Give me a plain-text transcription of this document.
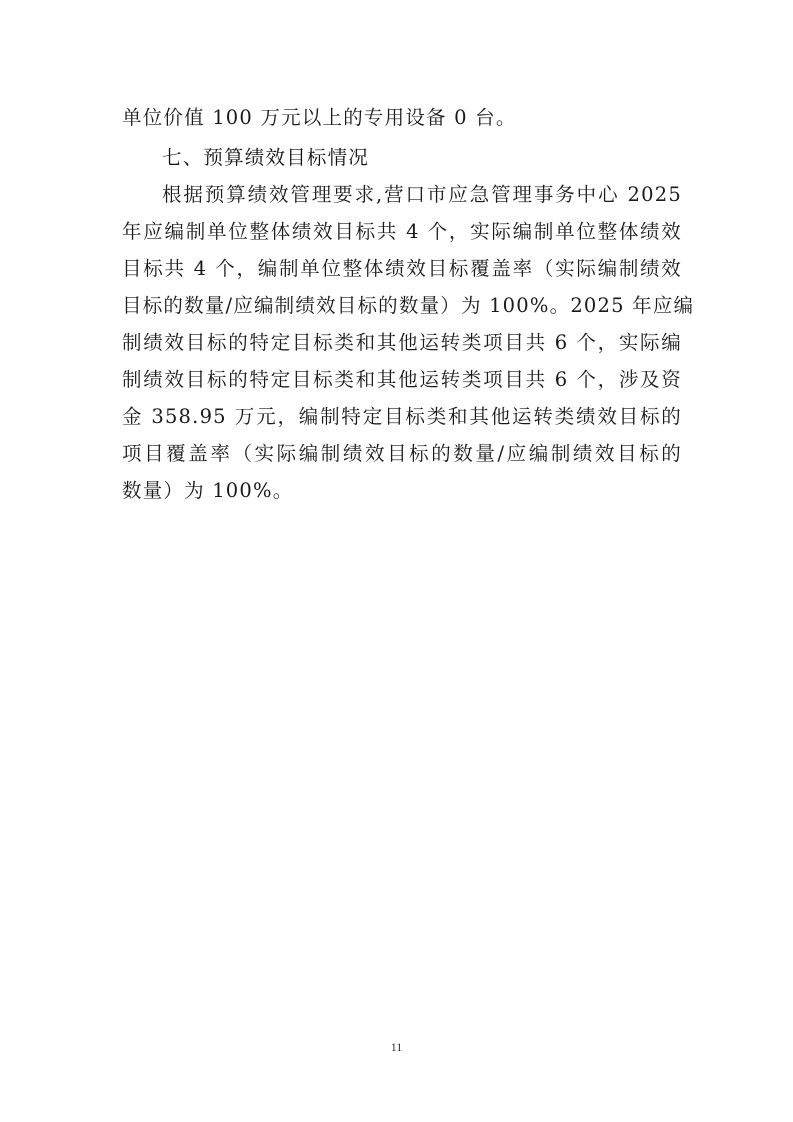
单位价值 100 万元以上的专用设备 0 台。
七、预算绩效目标情况
根据预算绩效管理要求,营口市应急管理事务中心 2025
年应编制单位整体绩效目标共 4 个，实际编制单位整体绩效
目标共 4 个，编制单位整体绩效目标覆盖率（实际编制绩效
目标的数量/应编制绩效目标的数量）为 100%。2025 年应编
制绩效目标的特定目标类和其他运转类项目共 6 个，实际编
制绩效目标的特定目标类和其他运转类项目共 6 个，涉及资
金 358.95 万元，编制特定目标类和其他运转类绩效目标的
项目覆盖率（实际编制绩效目标的数量/应编制绩效目标的
数量）为 100%。
11
